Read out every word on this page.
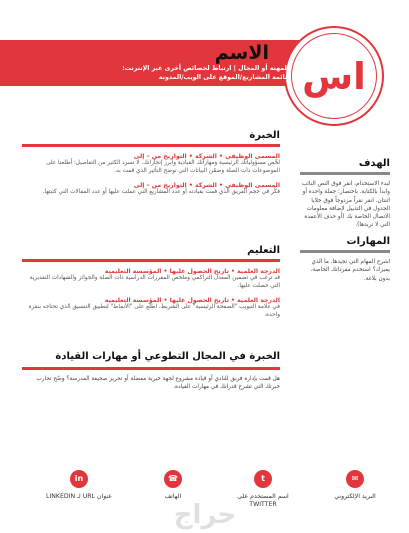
اس
الاسم
المهنة أو المجال | ارتباط لخصائص أخرى عبر الإنترنت:
قائمة المشاريع/الموقع على الويب/المدونة
الهدف
لبدء الاستخدام، انقر فوق النص النائب وابدأ بالكتابة. باختصار: جملة واحدة أو اثنتان. انقر نقراً مزدوجاً فوق خلايا الجدول في التذييل لإضافة معلومات الاتصال الخاصة بك (أو حذف الأعمدة التي لا تريدها).
المهارات
اشرح المهام التي تجيدها. ما الذي يميزك؟ استخدم مفرداتك الخاصة، بدون بلاغة.
الخبرة
المسمى الوظيفي • الشركة • التواريخ من – إلى
لخّص مسؤولياتك الرئيسية ومهاراتك القيادية وأبرز إنجازاتك. لا تسرد الكثير من التفاصيل؛ أطلعنا على الموضوعات ذات الصلة وضمّن البيانات التي توضح التأثير الذي قمت به.
المسمى الوظيفي • الشركة • التواريخ من – إلى
فكّر في حجم الفريق الذي قمت بقيادته أو عدد المشاريع التي عملت عليها أو عدد المقالات التي كتبتها.
التعليم
الدرجة العلمية • تاريخ الحصول عليها • المؤسسة التعليمية
قد ترغب في تضمين المعدل التراكمي وملخص المقررات الدراسية ذات الصلة والجوائز والشهادات التقديرية التي حصلت عليها.
الدرجة العلمية • تاريخ الحصول عليها • المؤسسة التعليمية
في علامة التبويب "الصفحة الرئيسية" على الشريط، اطلع على "الأنماط" لتطبيق التنسيق الذي تحتاجه بنقرة واحدة.
الخبرة في المجال التطوعي أو مهارات القيادة
هل قمت بإدارة فريق للنادي أو قيادة مشروع لجهة خيرية مفضلة أو تحرير صحيفة المدرسة؟ وضّح تجارب خبرتك التي تشرح قدراتك في مهارات القيادة.
✉
البريد الإلكتروني
t
اسم المستخدم على TWITTER
☎
الهاتف
in
عنوان URL لـ LINKEDIN
حراج
